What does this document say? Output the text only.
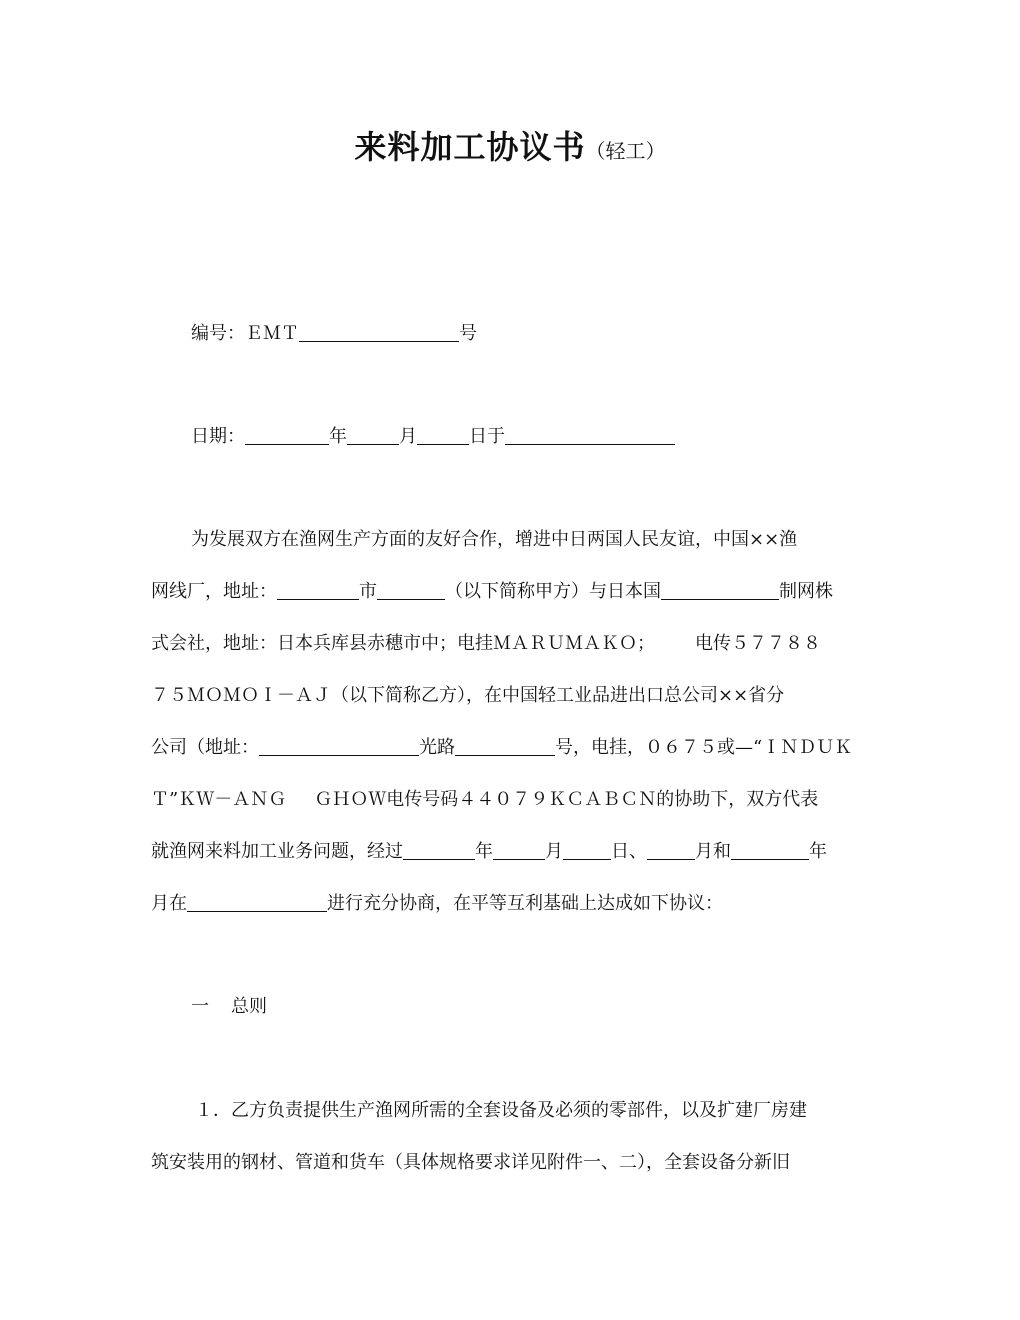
来料加工协议书（轻工）
编号：ＥＭＴ	号
日期：	年	月	日于
为发展双方在渔网生产方面的友好合作，增进中日两国人民友谊，中国××渔
网线厂，地址：	市	（以下简称甲方）与日本国	制网株
式会社，地址：日本兵库县赤穗市中；电挂ＭＡＲＵＭＡＫＯ； 电传５７７８８
７５ＭＯＭＯＩ－ＡＪ（以下简称乙方），在中国轻工业品进出口总公司××省分
公司（地址：	光路	号，电挂，０６７５或—“ＩＮＤＵＫ
Ｔ”ＫＷ－ＡＮＧ ＧＨＯＷ电传号码４４０７９ＫＣＡＢＣＮ的协助下，双方代表
就渔网来料加工业务问题，经过	年	月	日、	月和	年
月在	进行充分协商，在平等互利基础上达成如下协议：
一 总则
１．乙方负责提供生产渔网所需的全套设备及必须的零部件，以及扩建厂房建
筑安装用的钢材、管道和货车（具体规格要求详见附件一、二），全套设备分新旧
